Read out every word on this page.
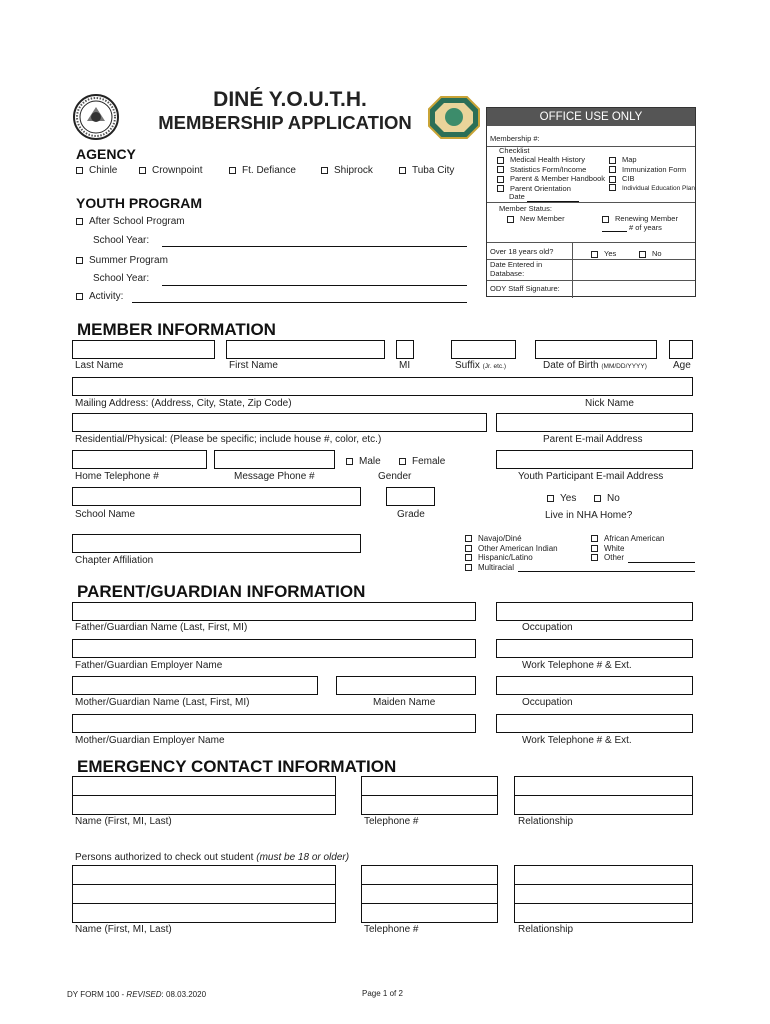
DINÉ Y.O.U.T.H.
MEMBERSHIP APPLICATION	OFFICE USE ONLY
Membership #:
Checklist
Medical Health History
Statistics Form/Income
Parent & Member Handbook
Parent Orientation
Map
Immunization Form
CIB
Individual Education Plan
Date
Member Status:
New Member	Renewing Member
# of years
Over 18 years old?	Yes	No
Date Entered in Database:
ODY Staff Signature:
AGENCY
Chinle	Crownpoint	Ft. Defiance	Shiprock	Tuba City
YOUTH PROGRAM
After School Program
School Year:
Summer Program
School Year:
Activity:
MEMBER INFORMATION
Last Name	First Name	MI	Suffix (Jr. etc.)	Date of Birth (MM/DD/YYYY)	Age
Mailing Address: (Address, City, State, Zip Code)	Nick Name
Residential/Physical: (Please be specific; include house #, color, etc.)	Parent E-mail Address
Male	Female
Home Telephone #	Message Phone #	Gender	Youth Participant E-mail Address
Yes	No
School Name	Grade	Live in NHA Home?
Chapter Affiliation
Navajo/Diné
Other American Indian
Hispanic/Latino
Multiracial
African American
White
Other
PARENT/GUARDIAN INFORMATION
Father/Guardian Name (Last, First, MI)	Occupation
Father/Guardian Employer Name	Work Telephone # & Ext.
Mother/Guardian Name (Last, First, MI)	Maiden Name	Occupation
Mother/Guardian Employer Name	Work Telephone # & Ext.
EMERGENCY CONTACT INFORMATION
Name (First, MI, Last)	Telephone #	Relationship
Persons authorized to check out student (must be 18 or older)
Name (First, MI, Last)	Telephone #	Relationship
DY FORM 100 - REVISED: 08.03.2020	Page 1 of 2
